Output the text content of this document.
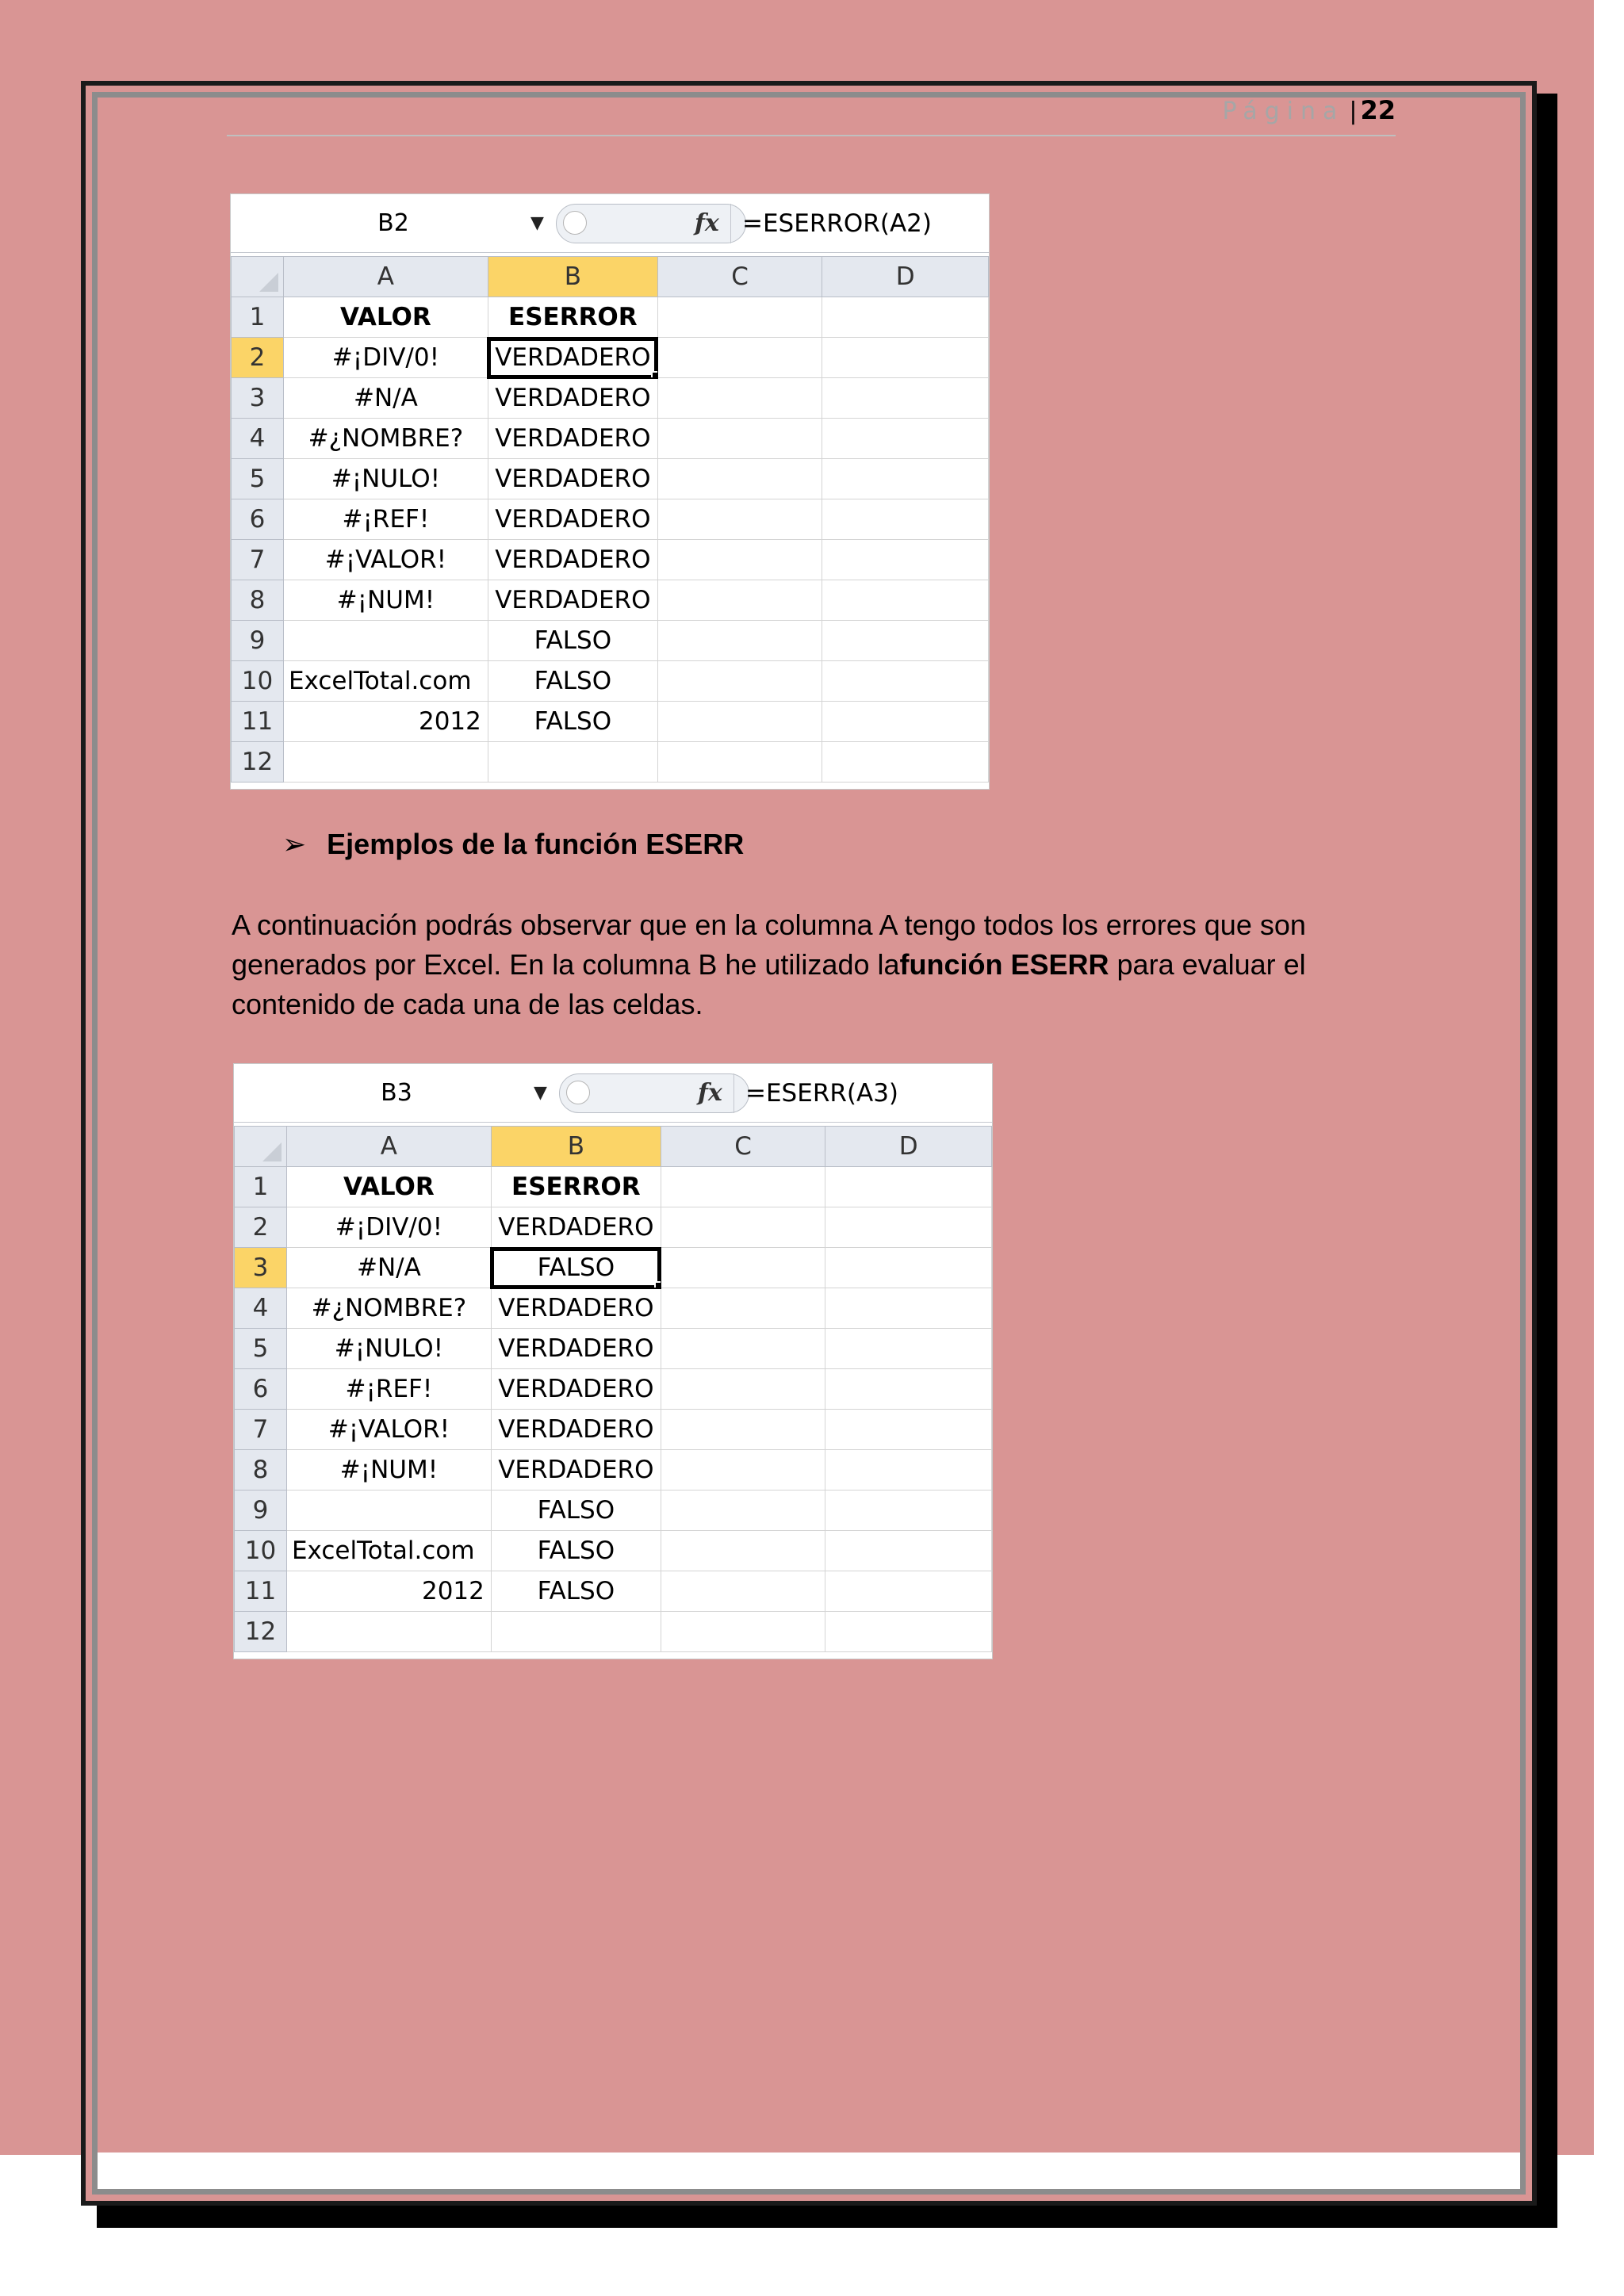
Página | 22
B2	▼	fx =ESERROR(A2)
	A	B	C	D
1	VALOR	ESERROR		
2	#¡DIV/0!	VERDADERO		
3	#N/A	VERDADERO		
4	#¿NOMBRE?	VERDADERO		
5	#¡NULO!	VERDADERO		
6	#¡REF!	VERDADERO		
7	#¡VALOR!	VERDADERO		
8	#¡NUM!	VERDADERO		
9		FALSO		
10	ExcelTotal.com	FALSO		
11	2012	FALSO		
12				
➢ Ejemplos de la función ESERR
A continuación podrás observar que en la columna A tengo todos los errores que son generados por Excel. En la columna B he utilizado lafunción ESERR para evaluar el contenido de cada una de las celdas.
B3	▼	fx =ESERR(A3)
	A	B	C	D
1	VALOR	ESERROR		
2	#¡DIV/0!	VERDADERO		
3	#N/A	FALSO		
4	#¿NOMBRE?	VERDADERO		
5	#¡NULO!	VERDADERO		
6	#¡REF!	VERDADERO		
7	#¡VALOR!	VERDADERO		
8	#¡NUM!	VERDADERO		
9		FALSO		
10	ExcelTotal.com	FALSO		
11	2012	FALSO		
12				
